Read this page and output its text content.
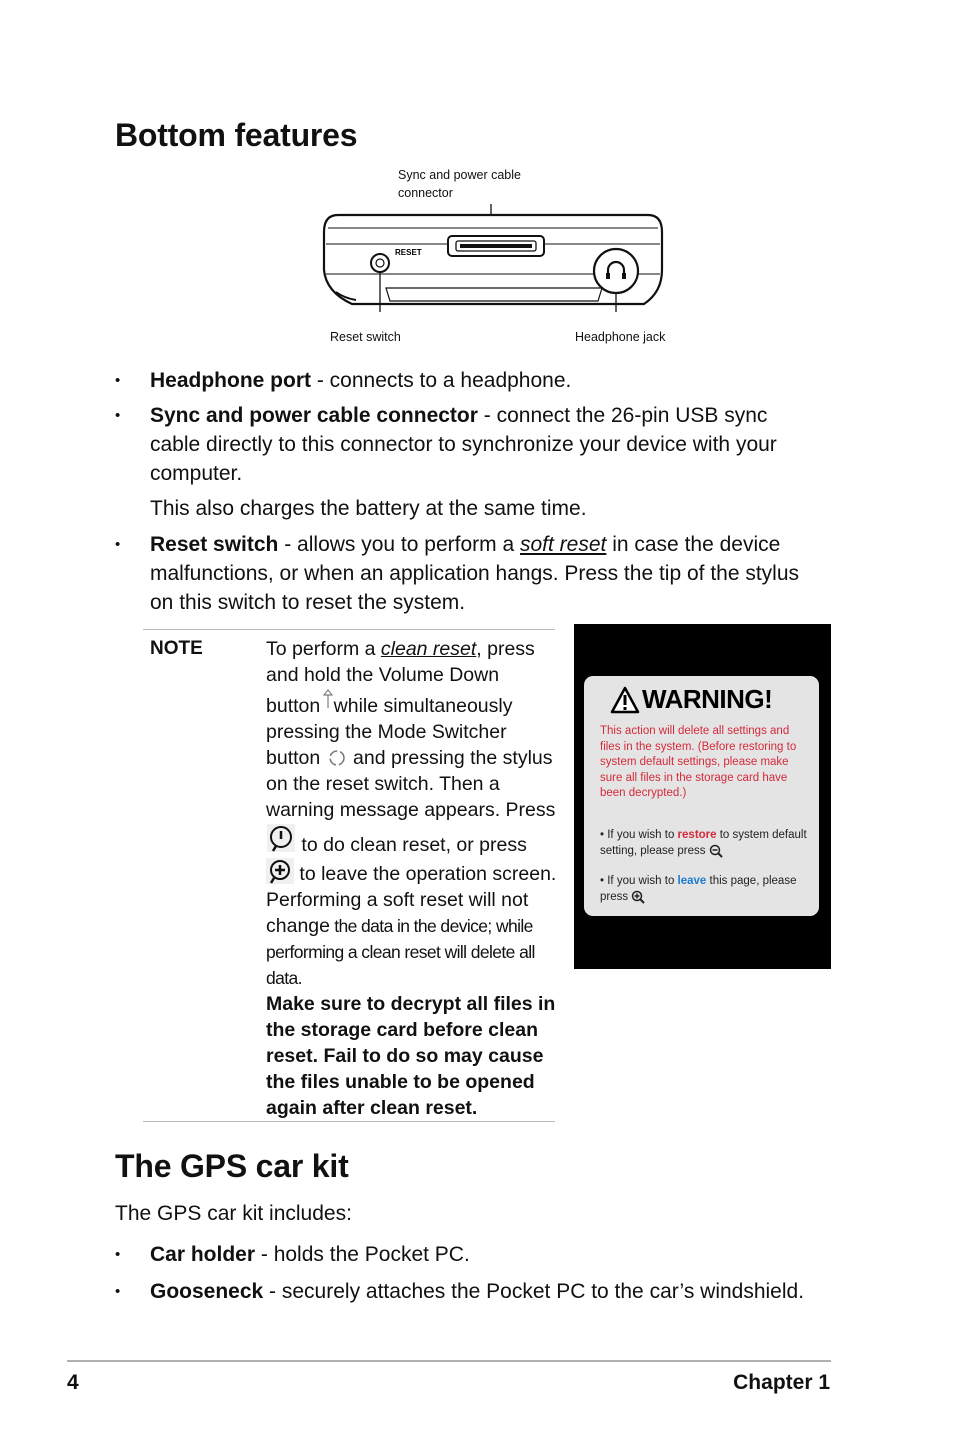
Bottom features
Sync and power cable
connector
RESET
Reset switch	Headphone jack
• Headphone port - connects to a headphone.
• Sync and power cable connector - connect the 26-pin USB sync cable directly to this connector to synchronize your device with your computer.
This also charges the battery at the same time.
• Reset switch - allows you to perform a soft reset in case the device malfunctions, or when an application hangs. Press the tip of the stylus on this switch to reset the system.
NOTE	To perform a clean reset, press and hold the Volume Down button while simultaneously pressing the Mode Switcher button  and pressing the stylus on the reset switch. Then a warning message appears. Press
to do clean reset, or press
to leave the operation screen. Performing a soft reset will not change the data in the device; while performing a clean reset will delete all data.
Make sure to decrypt all files in the storage card before clean reset. Fail to do so may cause the files unable to be opened again after clean reset.
WARNING!
This action will delete all settings and files in the system. (Before restoring to system default settings, please make sure all files in the storage card have been decrypted.)
• If you wish to restore to system default setting, please press
• If you wish to leave this page, please press
The GPS car kit
The GPS car kit includes:
• Car holder - holds the Pocket PC.
• Gooseneck - securely attaches the Pocket PC to the car’s windshield.
4	Chapter 1
